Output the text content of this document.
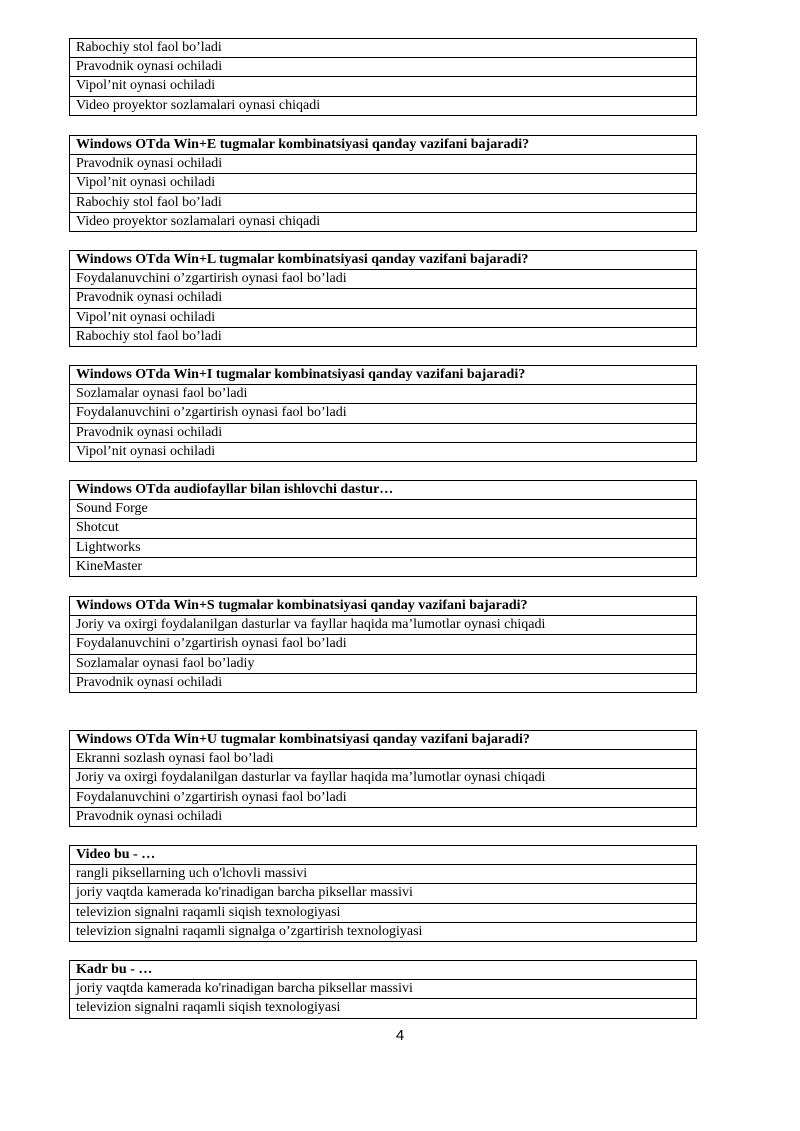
Rabochiy stol faol bo’ladi
Pravodnik oynasi ochiladi
Vipol’nit oynasi ochiladi
Video proyektor sozlamalari oynasi chiqadi
Windows OTda Win+E tugmalar kombinatsiyasi qanday vazifani bajaradi?
Pravodnik oynasi ochiladi
Vipol’nit oynasi ochiladi
Rabochiy stol faol bo’ladi
Video proyektor sozlamalari oynasi chiqadi
Windows OTda Win+L tugmalar kombinatsiyasi qanday vazifani bajaradi?
Foydalanuvchini o’zgartirish oynasi faol bo’ladi
Pravodnik oynasi ochiladi
Vipol’nit oynasi ochiladi
Rabochiy stol faol bo’ladi
Windows OTda Win+I tugmalar kombinatsiyasi qanday vazifani bajaradi?
Sozlamalar oynasi faol bo’ladi
Foydalanuvchini o’zgartirish oynasi faol bo’ladi
Pravodnik oynasi ochiladi
Vipol’nit oynasi ochiladi
Windows OTda audiofayllar bilan ishlovchi dastur…
Sound Forge
Shotcut
Lightworks
KineMaster
Windows OTda Win+S tugmalar kombinatsiyasi qanday vazifani bajaradi?
Joriy va oxirgi foydalanilgan dasturlar va fayllar haqida ma’lumotlar oynasi chiqadi
Foydalanuvchini o’zgartirish oynasi faol bo’ladi
Sozlamalar oynasi faol bo’ladiy
Pravodnik oynasi ochiladi
Windows OTda Win+U tugmalar kombinatsiyasi qanday vazifani bajaradi?
Ekranni sozlash oynasi faol bo’ladi
Joriy va oxirgi foydalanilgan dasturlar va fayllar haqida ma’lumotlar oynasi chiqadi
Foydalanuvchini o’zgartirish oynasi faol bo’ladi
Pravodnik oynasi ochiladi
Video bu - …
rangli piksellarning uch o'lchovli massivi
joriy vaqtda kamerada ko'rinadigan barcha piksellar massivi
televizion signalni raqamli siqish texnologiyasi
televizion signalni raqamli signalga o’zgartirish texnologiyasi
Kadr bu - …
joriy vaqtda kamerada ko'rinadigan barcha piksellar massivi
televizion signalni raqamli siqish texnologiyasi
4
